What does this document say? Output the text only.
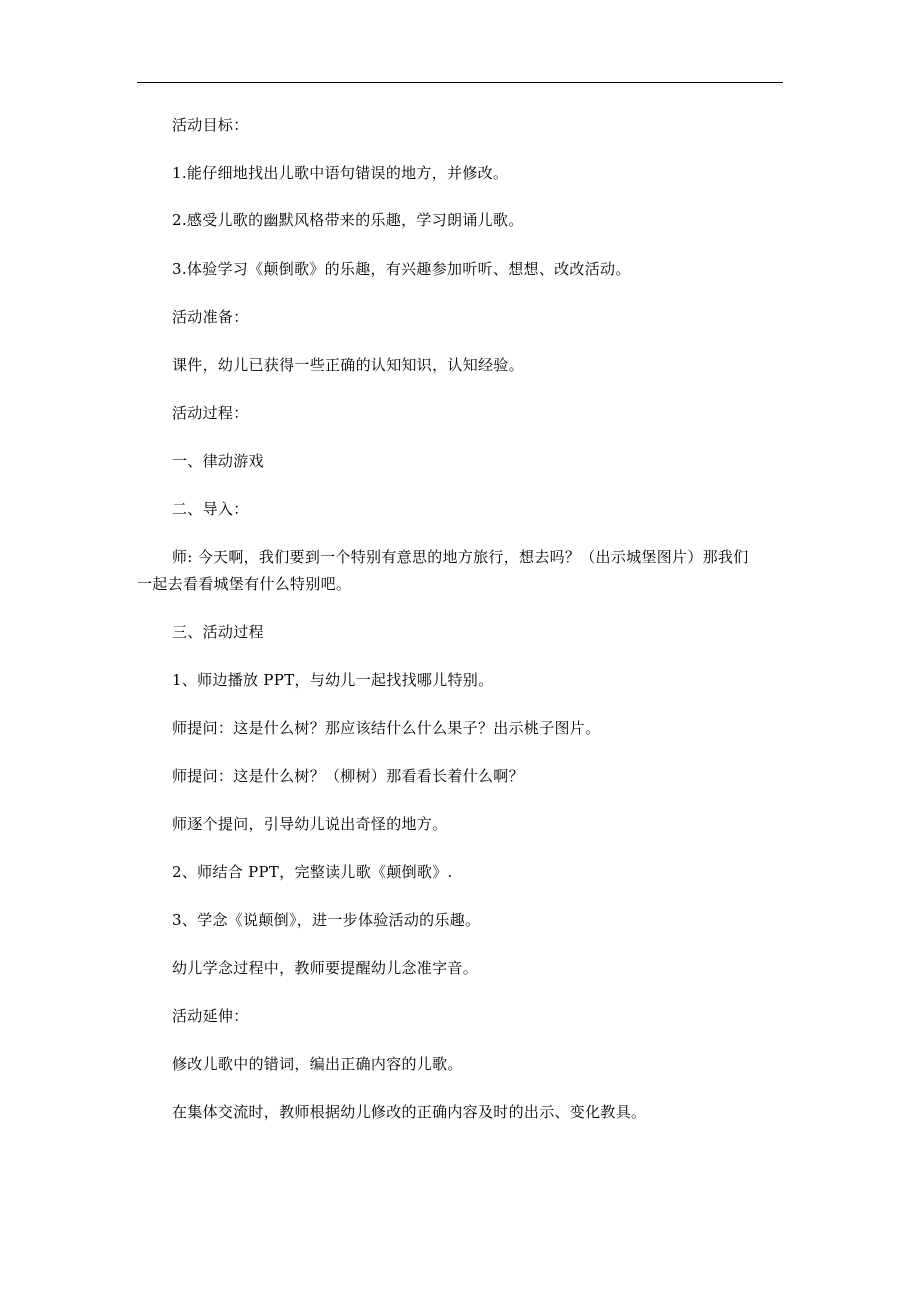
活动目标：
1.能仔细地找出儿歌中语句错误的地方，并修改。
2.感受儿歌的幽默风格带来的乐趣，学习朗诵儿歌。
3.体验学习《颠倒歌》的乐趣，有兴趣参加听听、想想、改改活动。
活动准备：
课件，幼儿已获得一些正确的认知知识，认知经验。
活动过程：
一、律动游戏
二、导入：
师: 今天啊，我们要到一个特别有意思的地方旅行，想去吗？（出示城堡图片）那我们
一起去看看城堡有什么特别吧。
三、活动过程
1、师边播放 PPT，与幼儿一起找找哪儿特别。
师提问：这是什么树？那应该结什么什么果子？出示桃子图片。
师提问：这是什么树？（柳树）那看看长着什么啊？
师逐个提问，引导幼儿说出奇怪的地方。
2、师结合 PPT，完整读儿歌《颠倒歌》.
3、学念《说颠倒》，进一步体验活动的乐趣。
幼儿学念过程中，教师要提醒幼儿念准字音。
活动延伸：
修改儿歌中的错词，编出正确内容的儿歌。
在集体交流时，教师根据幼儿修改的正确内容及时的出示、变化教具。
